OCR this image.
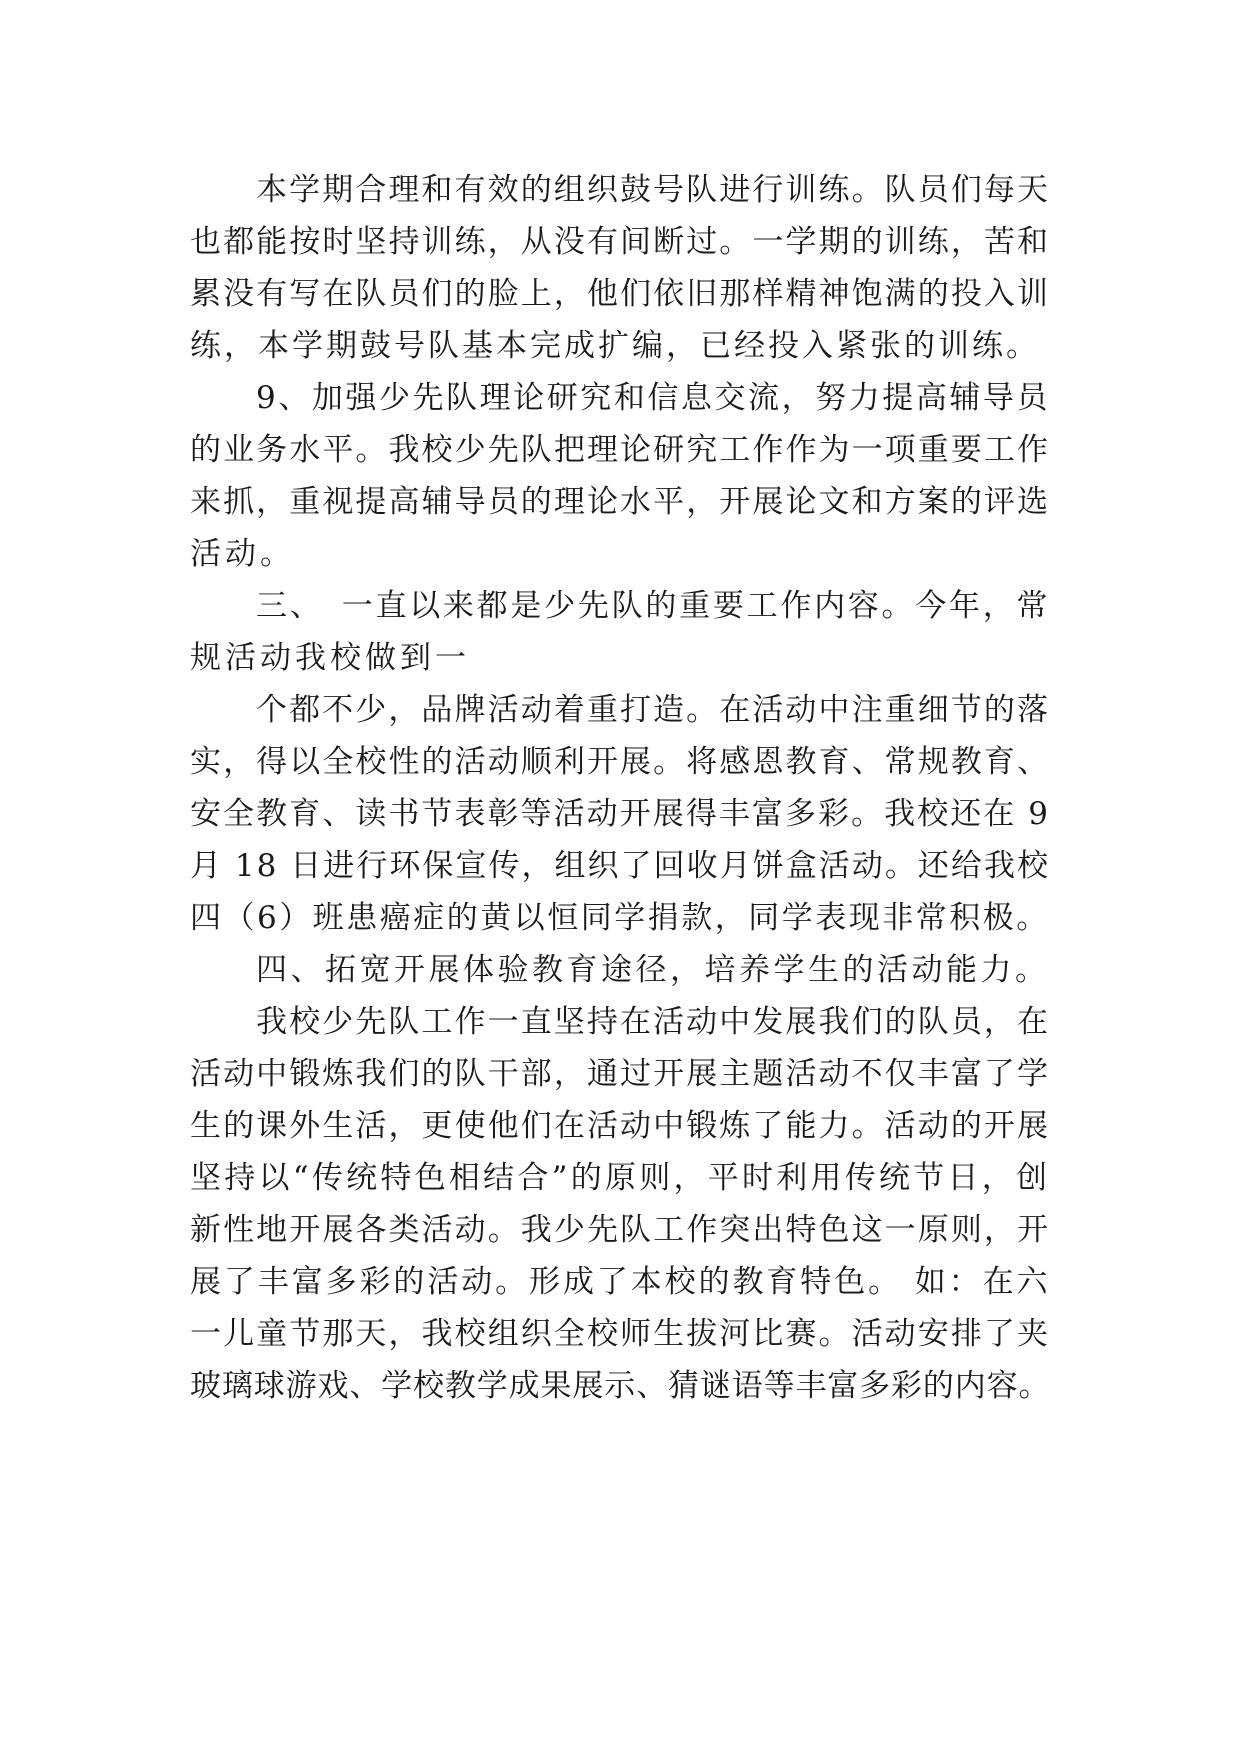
本学期合理和有效的组织鼓号队进行训练。队员们每天
也都能按时坚持训练，从没有间断过。一学期的训练，苦和
累没有写在队员们的脸上，他们依旧那样精神饱满的投入训
练，本学期鼓号队基本完成扩编，已经投入紧张的训练。
9、加强少先队理论研究和信息交流，努力提高辅导员
的业务水平。我校少先队把理论研究工作作为一项重要工作
来抓，重视提高辅导员的理论水平，开展论文和方案的评选
活动。
三、　一直以来都是少先队的重要工作内容。今年，常
规活动我校做到一
个都不少，品牌活动着重打造。在活动中注重细节的落
实，得以全校性的活动顺利开展。将感恩教育、常规教育、
安全教育、读书节表彰等活动开展得丰富多彩。我校还在 9
月 18 日进行环保宣传，组织了回收月饼盒活动。还给我校
四（6）班患癌症的黄以恒同学捐款，同学表现非常积极。
四、拓宽开展体验教育途径，培养学生的活动能力。
我校少先队工作一直坚持在活动中发展我们的队员，在
活动中锻炼我们的队干部，通过开展主题活动不仅丰富了学
生的课外生活，更使他们在活动中锻炼了能力。活动的开展
坚持以“传统特色相结合”的原则，平时利用传统节日，创
新性地开展各类活动。我少先队工作突出特色这一原则，开
展了丰富多彩的活动。形成了本校的教育特色。 如：在六
一儿童节那天，我校组织全校师生拔河比赛。活动安排了夹
玻璃球游戏、学校教学成果展示、猜谜语等丰富多彩的内容。
